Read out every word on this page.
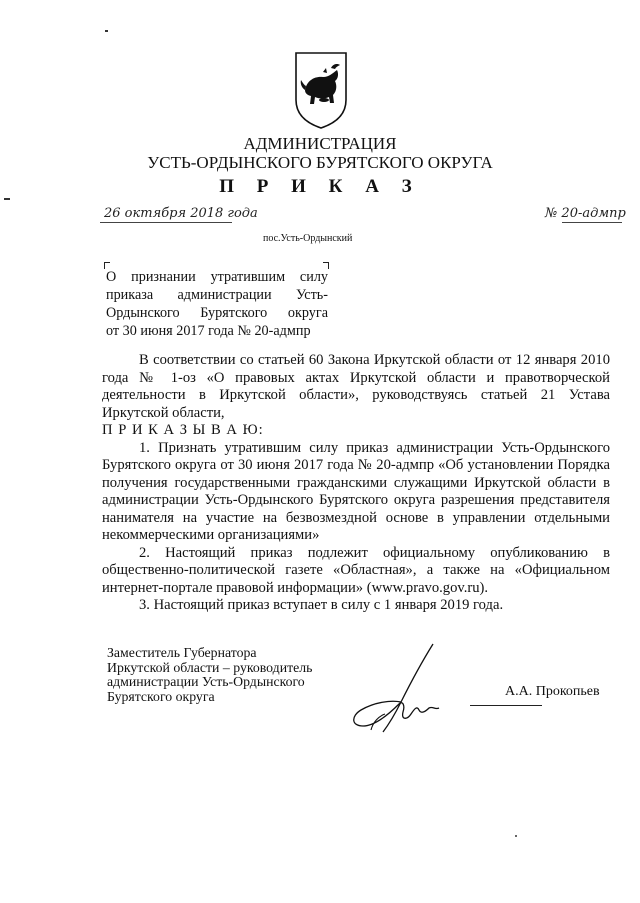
АДМИНИСТРАЦИЯ
УСТЬ-ОРДЫНСКОГО БУРЯТСКОГО ОКРУГА
П Р И К А З
26 октября 2018 года	№ 20-адмпр
пос.Усть-Ордынский
О признании утратившим силу
приказа администрации Усть-
Ордынского Бурятского округа
от 30 июня 2017 года № 20-адмпр

В соответствии со статьей 60 Закона Иркутской области от 12 января 2010 года № 1-оз «О правовых актах Иркутской области и правотворческой деятельности в Иркутской области», руководствуясь статьей 21 Устава Иркутской области,

П Р И К А З Ы В А Ю:

1. Признать утратившим силу приказ администрации Усть-Ордынского Бурятского округа от 30 июня 2017 года № 20-адмпр «Об установлении Порядка получения государственными гражданскими служащими Иркутской области в администрации Усть-Ордынского Бурятского округа разрешения представителя нанимателя на участие на безвозмездной основе в управлении отдельными некоммерческими организациями»

2. Настоящий приказ подлежит официальному опубликованию в общественно-политической газете «Областная», а также на «Официальном интернет-портале правовой информации» (www.pravo.gov.ru).

3. Настоящий приказ вступает в силу с 1 января 2019 года.

Заместитель Губернатора
Иркутской области – руководитель
администрации Усть-Ордынского
Бурятского округа	А.А. Прокопьев
